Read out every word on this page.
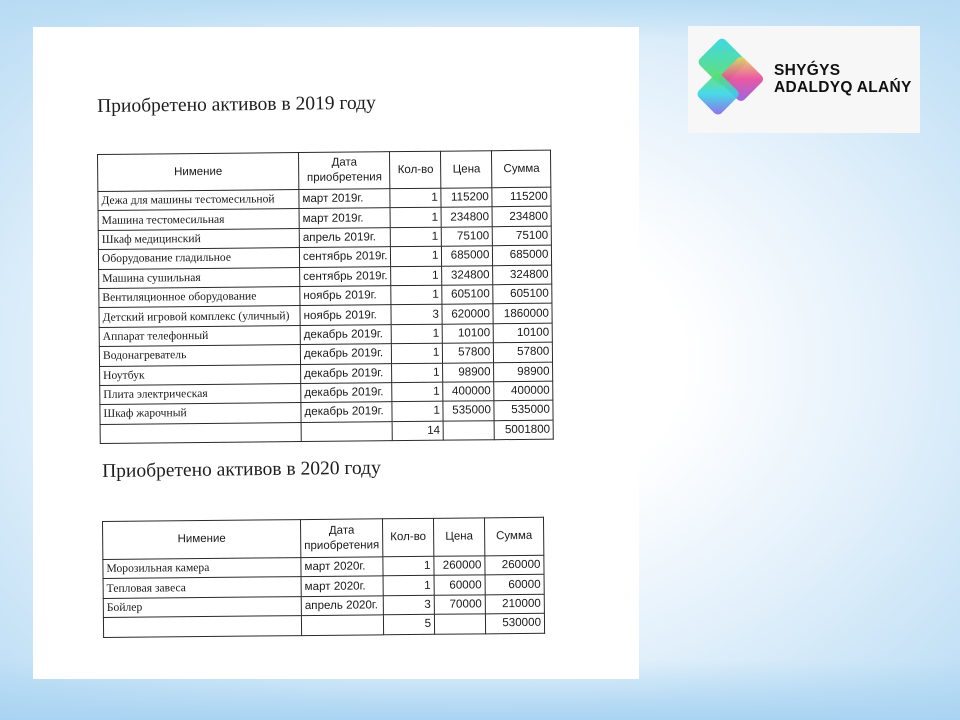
Приобретено активов в 2019 году
Нимение	Дата приобретения	Кол-во	Цена	Сумма
Дежа для машины тестомесильной	март 2019г.	1	115200	115200
Машина тестомесильная	март 2019г.	1	234800	234800
Шкаф медицинский	апрель 2019г.	1	75100	75100
Оборудование гладильное	сентябрь 2019г.	1	685000	685000
Машина сушильная	сентябрь 2019г.	1	324800	324800
Вентиляционное оборудование	ноябрь 2019г.	1	605100	605100
Детский игровой комплекс (уличный)	ноябрь 2019г.	3	620000	1860000
Аппарат телефонный	декабрь 2019г.	1	10100	10100
Водонагреватель	декабрь 2019г.	1	57800	57800
Ноутбук	декабрь 2019г.	1	98900	98900
Плита электрическая	декабрь 2019г.	1	400000	400000
Шкаф жарочный	декабрь 2019г.	1	535000	535000
		14		5001800
Приобретено активов в 2020 году
Нимение	Дата приобретения	Кол-во	Цена	Сумма
Морозильная камера	март 2020г.	1	260000	260000
Тепловая завеса	март 2020г.	1	60000	60000
Бойлер	апрель 2020г.	3	70000	210000
		5		530000
SHYǴYS
ADALDYQ ALAŃY
